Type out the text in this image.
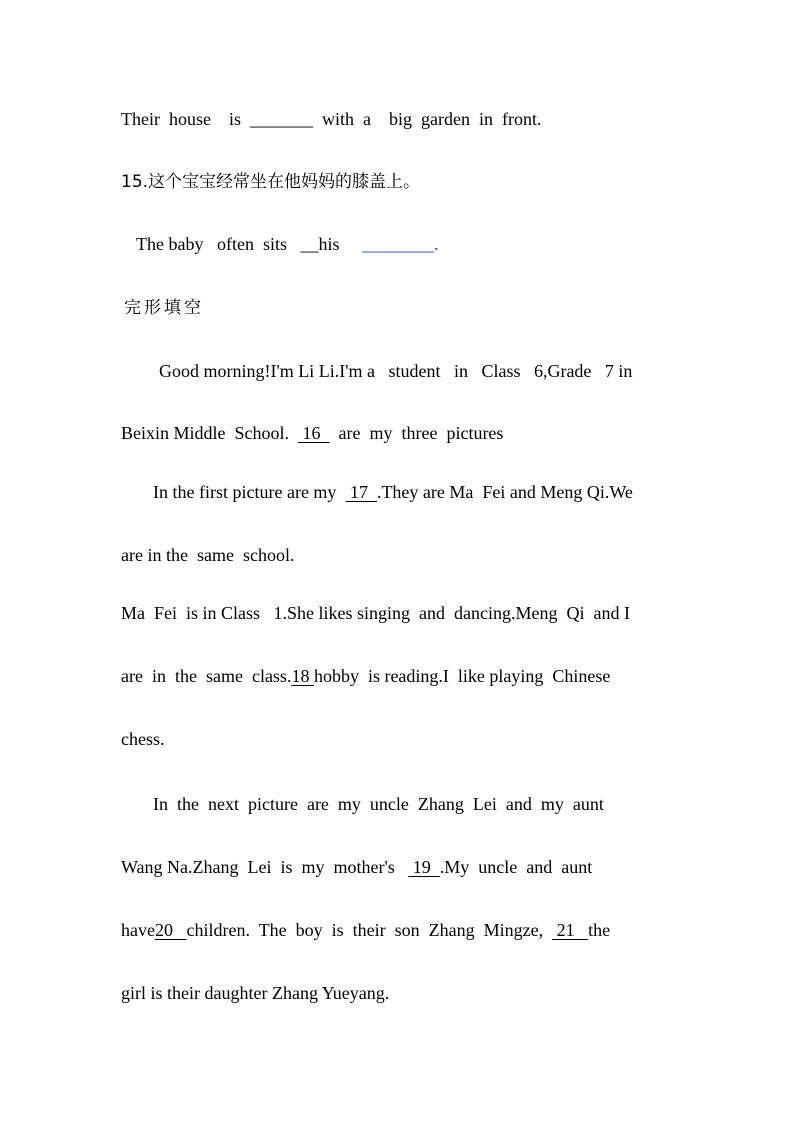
Their  house    is  _______  with  a    big  garden  in  front.
15.这个宝宝经常坐在他妈妈的膝盖上。
The baby   often  sits   __his     ________.
完形填空
Good morning!I'm Li Li.I'm a   student   in   Class   6,Grade   7 in
Beixin Middle  School.   16    are  my  three  pictures
In the first picture are my   17  .They are Ma  Fei and Meng Qi.We
are in the  same  school.
Ma  Fei  is in Class   1.She likes singing  and  dancing.Meng  Qi  and I
are  in  the  same  class.18 hobby  is reading.I  like playing  Chinese
chess.
In  the  next  picture  are  my  uncle  Zhang  Lei  and  my  aunt
Wang Na.Zhang  Lei  is  my  mother's    19  .My  uncle  and  aunt
have20   children.  The  boy  is  their  son  Zhang  Mingze,   21   the
girl is their daughter Zhang Yueyang.
